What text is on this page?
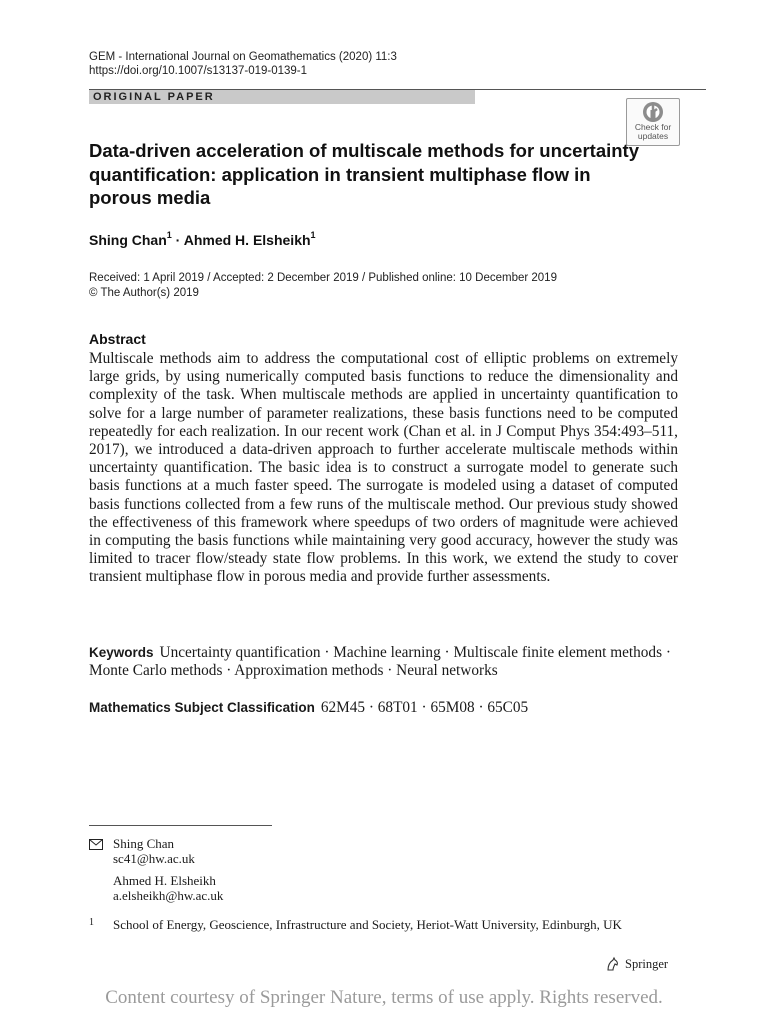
GEM - International Journal on Geomathematics (2020) 11:3
https://doi.org/10.1007/s13137-019-0139-1
ORIGINAL PAPER
Check for
updates
Data-driven acceleration of multiscale methods for uncertainty quantification: application in transient multiphase flow in porous media
Shing Chan$^1$ · Ahmed H. Elsheikh$^1$
Received: 1 April 2019 / Accepted: 2 December 2019 / Published online: 10 December 2019
© The Author(s) 2019
Abstract

Multiscale methods aim to address the computational cost of elliptic problems on extremely large grids, by using numerically computed basis functions to reduce the dimensionality and complexity of the task. When multiscale methods are applied in uncertainty quantification to solve for a large number of parameter realizations, these basis functions need to be computed repeatedly for each realization. In our recent work (Chan et al. in J Comput Phys 354:493–511, 2017), we introduced a data-driven approach to further accelerate multiscale methods within uncertainty quantification. The basic idea is to construct a surrogate model to generate such basis functions at a much faster speed. The surrogate is modeled using a dataset of computed basis functions collected from a few runs of the multiscale method. Our previous study showed the effectiveness of this framework where speedups of two orders of magnitude were achieved in computing the basis functions while maintaining very good accuracy, however the study was limited to tracer flow/steady state flow problems. In this work, we extend the study to cover transient multiphase flow in porous media and provide further assessments.

Keywords Uncertainty quantification · Machine learning · Multiscale finite element methods · Monte Carlo methods · Approximation methods · Neural networks
Mathematics Subject Classification 62M45 · 68T01 · 65M08 · 65C05
Shing Chan
sc41@hw.ac.uk
Ahmed H. Elsheikh
a.elsheikh@hw.ac.uk
1 School of Energy, Geoscience, Infrastructure and Society, Heriot-Watt University, Edinburgh, UK
Springer
Content courtesy of Springer Nature, terms of use apply. Rights reserved.
